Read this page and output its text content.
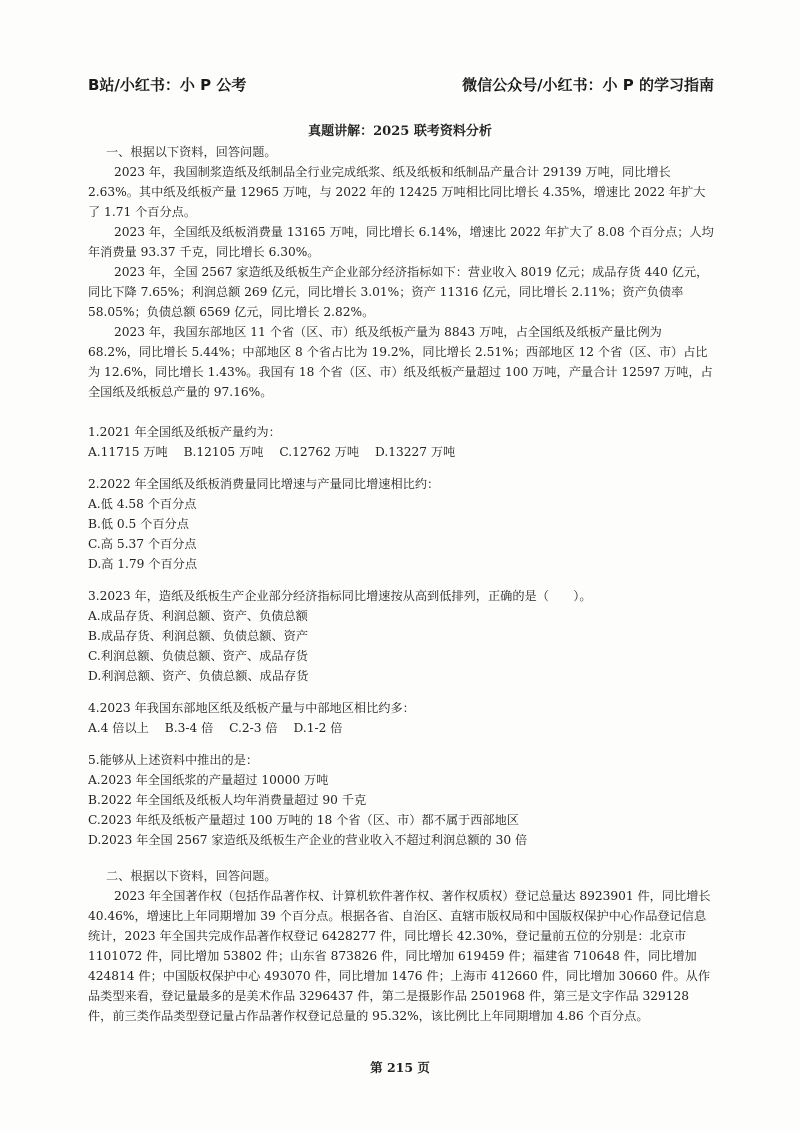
B站/小红书：小 P 公考	微信公众号/小红书：小 P 的学习指南
真题讲解：2025 联考资料分析

一、根据以下资料，回答问题。

2023 年，我国制浆造纸及纸制品全行业完成纸浆、纸及纸板和纸制品产量合计 29139 万吨，同比增长 2.63%。其中纸及纸板产量 12965 万吨，与 2022 年的 12425 万吨相比同比增长 4.35%，增速比 2022 年扩大了 1.71 个百分点。

2023 年，全国纸及纸板消费量 13165 万吨，同比增长 6.14%，增速比 2022 年扩大了 8.08 个百分点；人均年消费量 93.37 千克，同比增长 6.30%。

2023 年，全国 2567 家造纸及纸板生产企业部分经济指标如下：营业收入 8019 亿元；成品存货 440 亿元，同比下降 7.65%；利润总额 269 亿元，同比增长 3.01%；资产 11316 亿元，同比增长 2.11%；资产负债率 58.05%；负债总额 6569 亿元，同比增长 2.82%。

2023 年，我国东部地区 11 个省（区、市）纸及纸板产量为 8843 万吨，占全国纸及纸板产量比例为 68.2%，同比增长 5.44%；中部地区 8 个省占比为 19.2%，同比增长 2.51%；西部地区 12 个省（区、市）占比为 12.6%，同比增长 1.43%。我国有 18 个省（区、市）纸及纸板产量超过 100 万吨，产量合计 12597 万吨，占全国纸及纸板总产量的 97.16%。

1.2021 年全国纸及纸板产量约为：

A.11715 万吨 B.12105 万吨 C.12762 万吨 D.13227 万吨

2.2022 年全国纸及纸板消费量同比增速与产量同比增速相比约：

A.低 4.58 个百分点

B.低 0.5 个百分点

C.高 5.37 个百分点

D.高 1.79 个百分点

3.2023 年，造纸及纸板生产企业部分经济指标同比增速按从高到低排列，正确的是（　　）。

A.成品存货、利润总额、资产、负债总额

B.成品存货、利润总额、负债总额、资产

C.利润总额、负债总额、资产、成品存货

D.利润总额、资产、负债总额、成品存货

4.2023 年我国东部地区纸及纸板产量与中部地区相比约多：

A.4 倍以上 B.3-4 倍 C.2-3 倍 D.1-2 倍

5.能够从上述资料中推出的是：

A.2023 年全国纸浆的产量超过 10000 万吨

B.2022 年全国纸及纸板人均年消费量超过 90 千克

C.2023 年纸及纸板产量超过 100 万吨的 18 个省（区、市）都不属于西部地区

D.2023 年全国 2567 家造纸及纸板生产企业的营业收入不超过利润总额的 30 倍

二、根据以下资料，回答问题。

2023 年全国著作权（包括作品著作权、计算机软件著作权、著作权质权）登记总量达 8923901 件，同比增长 40.46%，增速比上年同期增加 39 个百分点。根据各省、自治区、直辖市版权局和中国版权保护中心作品登记信息统计，2023 年全国共完成作品著作权登记 6428277 件，同比增长 42.30%，登记量前五位的分别是：北京市 1101072 件，同比增加 53802 件；山东省 873826 件，同比增加 619459 件；福建省 710648 件，同比增加 424814 件；中国版权保护中心 493070 件，同比增加 1476 件；上海市 412660 件，同比增加 30660 件。从作品类型来看，登记量最多的是美术作品 3296437 件，第二是摄影作品 2501968 件，第三是文字作品 329128 件，前三类作品类型登记量占作品著作权登记总量的 95.32%，该比例比上年同期增加 4.86 个百分点。

第 215 页
